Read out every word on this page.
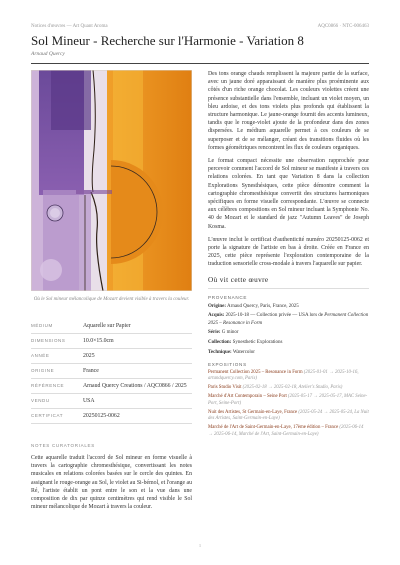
Notices d'œuvres — Art Quant Aroma	AQC0866 · NTC-006463
Sol Mineur - Recherche sur l'Harmonie - Variation 8
Arnaud Quercy
Où le Sol mineur mélancolique de Mozart devient visible à travers la couleur.
MÉDIUM	Aquarelle sur Papier
DIMENSIONS	10.0×15.0cm
ANNÉE	2025
ORIGINE	France
RÉFÉRENCE	Arnaud Quercy Creations / AQC0866 / 2025
VENDU	USA
CERTIFICAT	20250125-0062
NOTES CURATORIALES
Cette aquarelle traduit l'accord de Sol mineur en forme visuelle à travers la cartographie chromesthésique, convertissant les notes musicales en relations colorées basées sur le cercle des quintes. En assignant le rouge-orange au Sol, le violet au Si-bémol, et l'orange au Ré, l'artiste établit un pont entre le son et la vue dans une composition de dix par quinze centimètres qui rend visible le Sol mineur mélancolique de Mozart à travers la couleur.

Des tons orange chauds remplissent la majeure partie de la surface, avec un jaune doré apparaissant de manière plus proéminente aux côtés d'un riche orange chocolat. Les couleurs violettes créent une présence substantielle dans l'ensemble, incluant un violet moyen, un bleu ardoise, et des tons violets plus profonds qui établissent la structure harmonique. Le jaune-orange fournit des accents lumineux, tandis que le rouge-violet ajoute de la profondeur dans des zones dispersées. Le médium aquarelle permet à ces couleurs de se superposer et de se mélanger, créant des transitions fluides où les formes géométriques rencontrent les flux de couleurs organiques.

Le format compact nécessite une observation rapprochée pour percevoir comment l'accord de Sol mineur se manifeste à travers ces relations colorées. En tant que Variation 8 dans la collection Explorations Synesthésiques, cette pièce démontre comment la cartographie chromesthésique convertit des structures harmoniques spécifiques en forme visuelle correspondante. L'œuvre se connecte aux célèbres compositions en Sol mineur incluant la Symphonie No. 40 de Mozart et le standard de jazz "Autumn Leaves" de Joseph Kosma.

L'œuvre inclut le certificat d'authenticité numéro 20250125-0062 et porte la signature de l'artiste en bas à droite. Créée en France en 2025, cette pièce représente l'exploration contemporaine de la traduction sensorielle cross-modale à travers l'aquarelle sur papier.

Où vit cette œuvre
PROVENANCE
Origine: Arnaud Quercy, Paris, France, 2025
Acquis: 2025-10-18 — Collection privée — USA lors de Permanent Collection 2025 – Resonance in Form
Série: G minor
Collection: Synesthetic Explorations
Technique: Watercolor
EXPOSITIONS
Permanent Collection 2025 – Resonance in Form (2025-01-01 → 2025-10-16, artandquercy.com, Paris)
Paris Studio Visit (2025-02-18 → 2025-02-18, Atelier's Studio, Paris)
Marché d'Art Contemporain – Seine Port (2025-05-17 → 2025-05-17, MAC Seine-Port, Seine-Port)
Nuit des Artistes, St Germain-en-Laye, France (2025-05-24 → 2025-05-24, La Nuit des Artistes, Saint-Germain-en-Laye)
Marché de l'Art de Saint-Germain-en-Laye, 17ème édition – France (2025-06-14 → 2025-06-14, Marché de l'Art, Saint-Germain-en-Laye)
1
